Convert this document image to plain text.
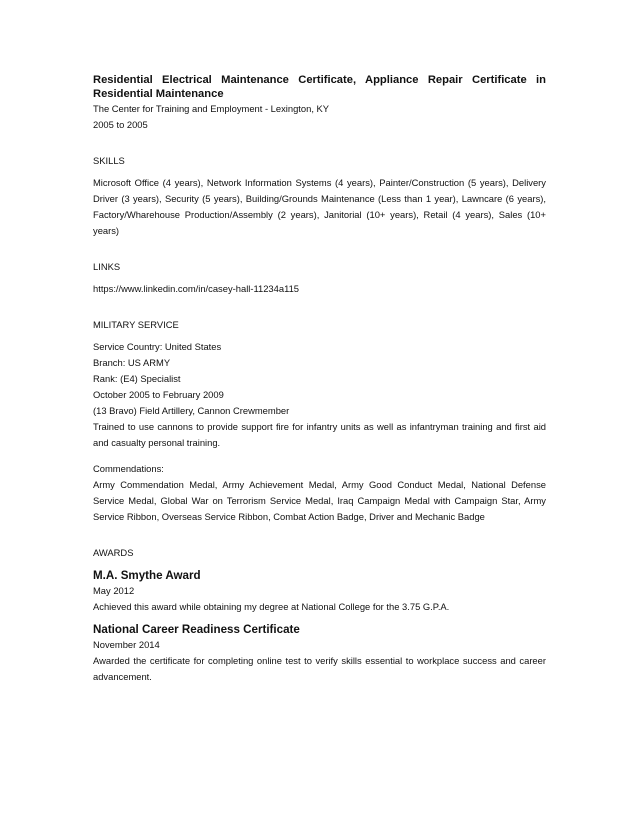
Residential Electrical Maintenance Certificate, Appliance Repair Certificate in Residential Maintenance

The Center for Training and Employment - Lexington, KY
2005 to 2005
SKILLS
Microsoft Office (4 years), Network Information Systems (4 years), Painter/Construction (5 years), Delivery Driver (3 years), Security (5 years), Building/Grounds Maintenance (Less than 1 year), Lawncare (6 years), Factory/Wharehouse Production/Assembly (2 years), Janitorial (10+ years), Retail (4 years), Sales (10+ years)
LINKS
https://www.linkedin.com/in/casey-hall-11234a115
MILITARY SERVICE
Service Country: United States
Branch: US ARMY
Rank: (E4) Specialist
October 2005 to February 2009
(13 Bravo) Field Artillery, Cannon Crewmember
Trained to use cannons to provide support fire for infantry units as well as infantryman training and first aid and casualty personal training.
Commendations:
Army Commendation Medal, Army Achievement Medal, Army Good Conduct Medal, National Defense Service Medal, Global War on Terrorism Service Medal, Iraq Campaign Medal with Campaign Star, Army Service Ribbon, Overseas Service Ribbon, Combat Action Badge, Driver and Mechanic Badge
AWARDS
M.A. Smythe Award
May 2012
Achieved this award while obtaining my degree at National College for the 3.75 G.P.A.
National Career Readiness Certificate
November 2014
Awarded the certificate for completing online test to verify skills essential to workplace success and career advancement.
